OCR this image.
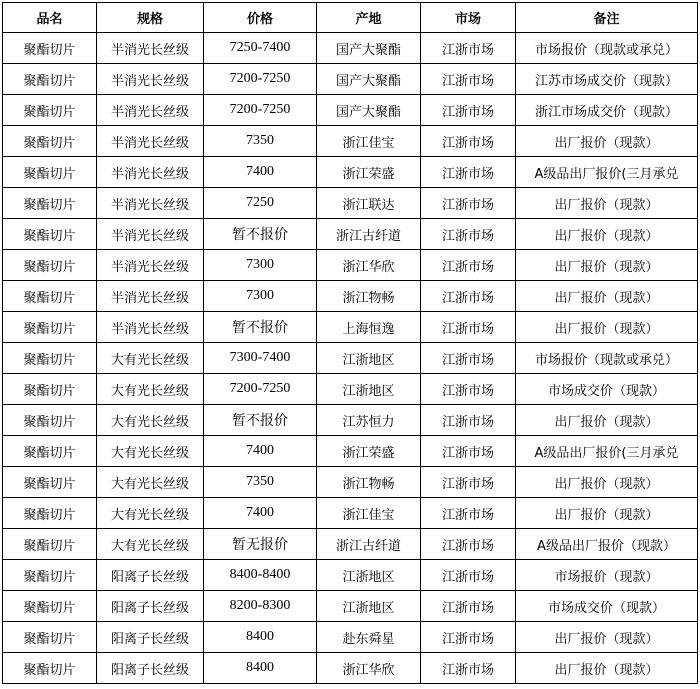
品名	规格	价格	产地	市场	备注
聚酯切片	半消光长丝级	7250-7400	国产大聚酯	江浙市场	市场报价（现款或承兑）
聚酯切片	半消光长丝级	7200-7250	国产大聚酯	江浙市场	江苏市场成交价（现款）
聚酯切片	半消光长丝级	7200-7250	国产大聚酯	江浙市场	浙江市场成交价（现款）
聚酯切片	半消光长丝级	7350	浙江佳宝	江浙市场	出厂报价（现款）
聚酯切片	半消光长丝级	7400	浙江荣盛	江浙市场	A级品出厂报价(三月承兑
聚酯切片	半消光长丝级	7250	浙江联达	江浙市场	出厂报价（现款）
聚酯切片	半消光长丝级	暂不报价	浙江古纤道	江浙市场	出厂报价（现款）
聚酯切片	半消光长丝级	7300	浙江华欣	江浙市场	出厂报价（现款）
聚酯切片	半消光长丝级	7300	浙江物畅	江浙市场	出厂报价（现款）
聚酯切片	半消光长丝级	暂不报价	上海恒逸	江浙市场	出厂报价（现款）
聚酯切片	大有光长丝级	7300-7400	江浙地区	江浙市场	市场报价（现款或承兑）
聚酯切片	大有光长丝级	7200-7250	江浙地区	江浙市场	市场成交价（现款）
聚酯切片	大有光长丝级	暂不报价	江苏恒力	江浙市场	出厂报价（现款）
聚酯切片	大有光长丝级	7400	浙江荣盛	江浙市场	A级品出厂报价(三月承兑
聚酯切片	大有光长丝级	7350	浙江物畅	江浙市场	出厂报价（现款）
聚酯切片	大有光长丝级	7400	浙江佳宝	江浙市场	出厂报价（现款）
聚酯切片	大有光长丝级	暂无报价	浙江古纤道	江浙市场	A级品出厂报价（现款）
聚酯切片	阳离子长丝级	8400-8400	江浙地区	江浙市场	市场报价（现款）
聚酯切片	阳离子长丝级	8200-8300	江浙地区	江浙市场	市场成交价（现款）
聚酯切片	阳离子长丝级	8400	赴东舜星	江浙市场	出厂报价（现款）
聚酯切片	阳离子长丝级	8400	浙江华欣	江浙市场	出厂报价（现款）
